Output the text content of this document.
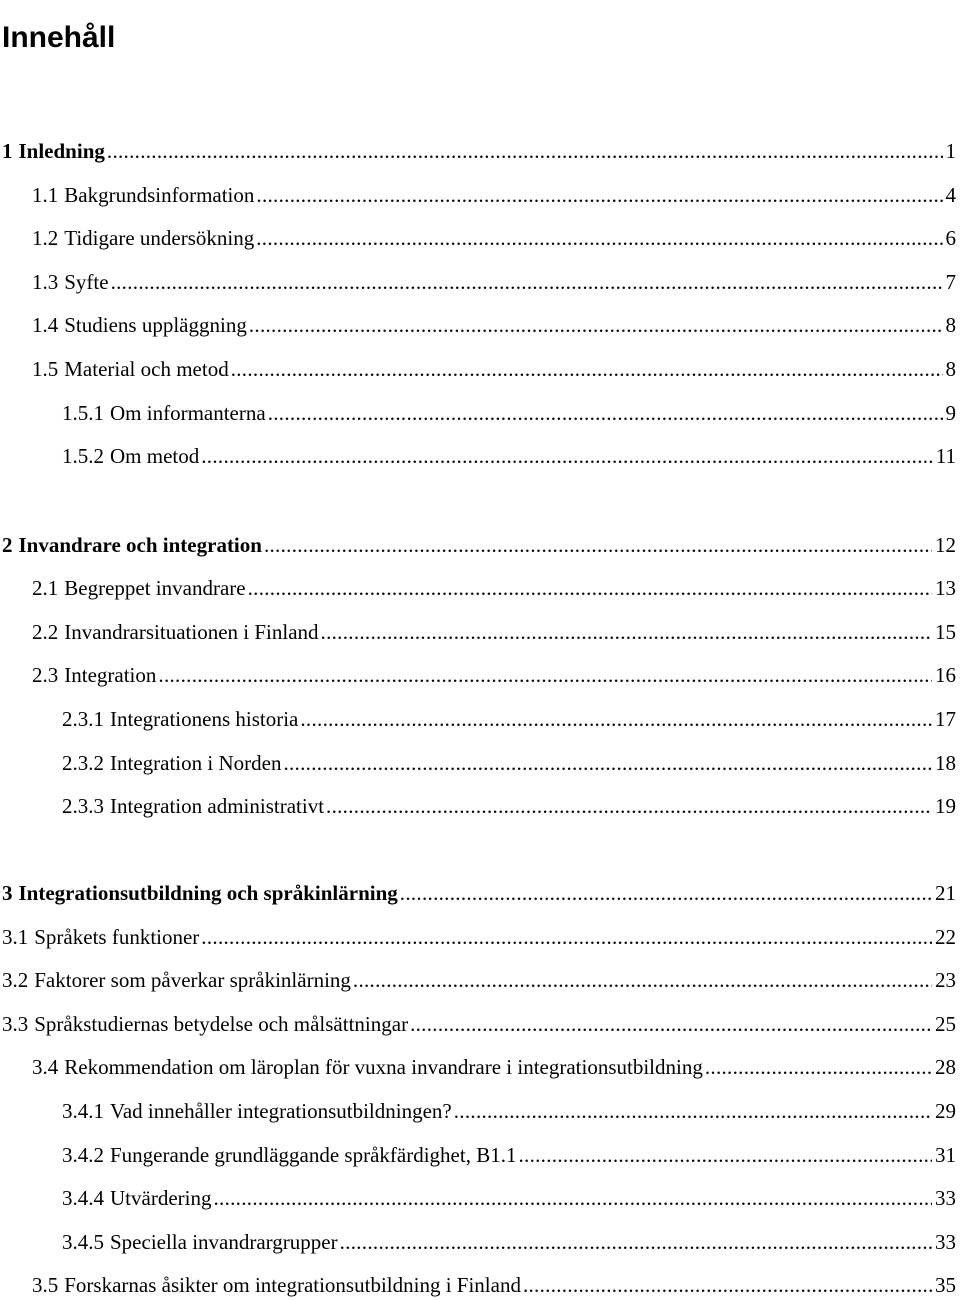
Innehåll
1 Inledning .....	1
1.1 Bakgrundsinformation .....	4
1.2 Tidigare undersökning .....	6
1.3 Syfte .....	7
1.4 Studiens uppläggning .....	8
1.5 Material och metod .....	8
1.5.1 Om informanterna .....	9
1.5.2 Om metod .....	11
2 Invandrare och integration .....	12
2.1 Begreppet invandrare .....	13
2.2 Invandrarsituationen i Finland .....	15
2.3 Integration .....	16
2.3.1 Integrationens historia .....	17
2.3.2 Integration i Norden .....	18
2.3.3 Integration administrativt .....	19
3 Integrationsutbildning och språkinlärning .....	21
3.1 Språkets funktioner .....	22
3.2 Faktorer som påverkar språkinlärning .....	23
3.3 Språkstudiernas betydelse och målsättningar .....	25
3.4 Rekommendation om läroplan för vuxna invandrare i integrationsutbildning .....	28
3.4.1 Vad innehåller integrationsutbildningen? .....	29
3.4.2 Fungerande grundläggande språkfärdighet, B1.1 .....	31
3.4.4 Utvärdering .....	33
3.4.5 Speciella invandrargrupper .....	33
3.5 Forskarnas åsikter om integrationsutbildning i Finland .....	35
